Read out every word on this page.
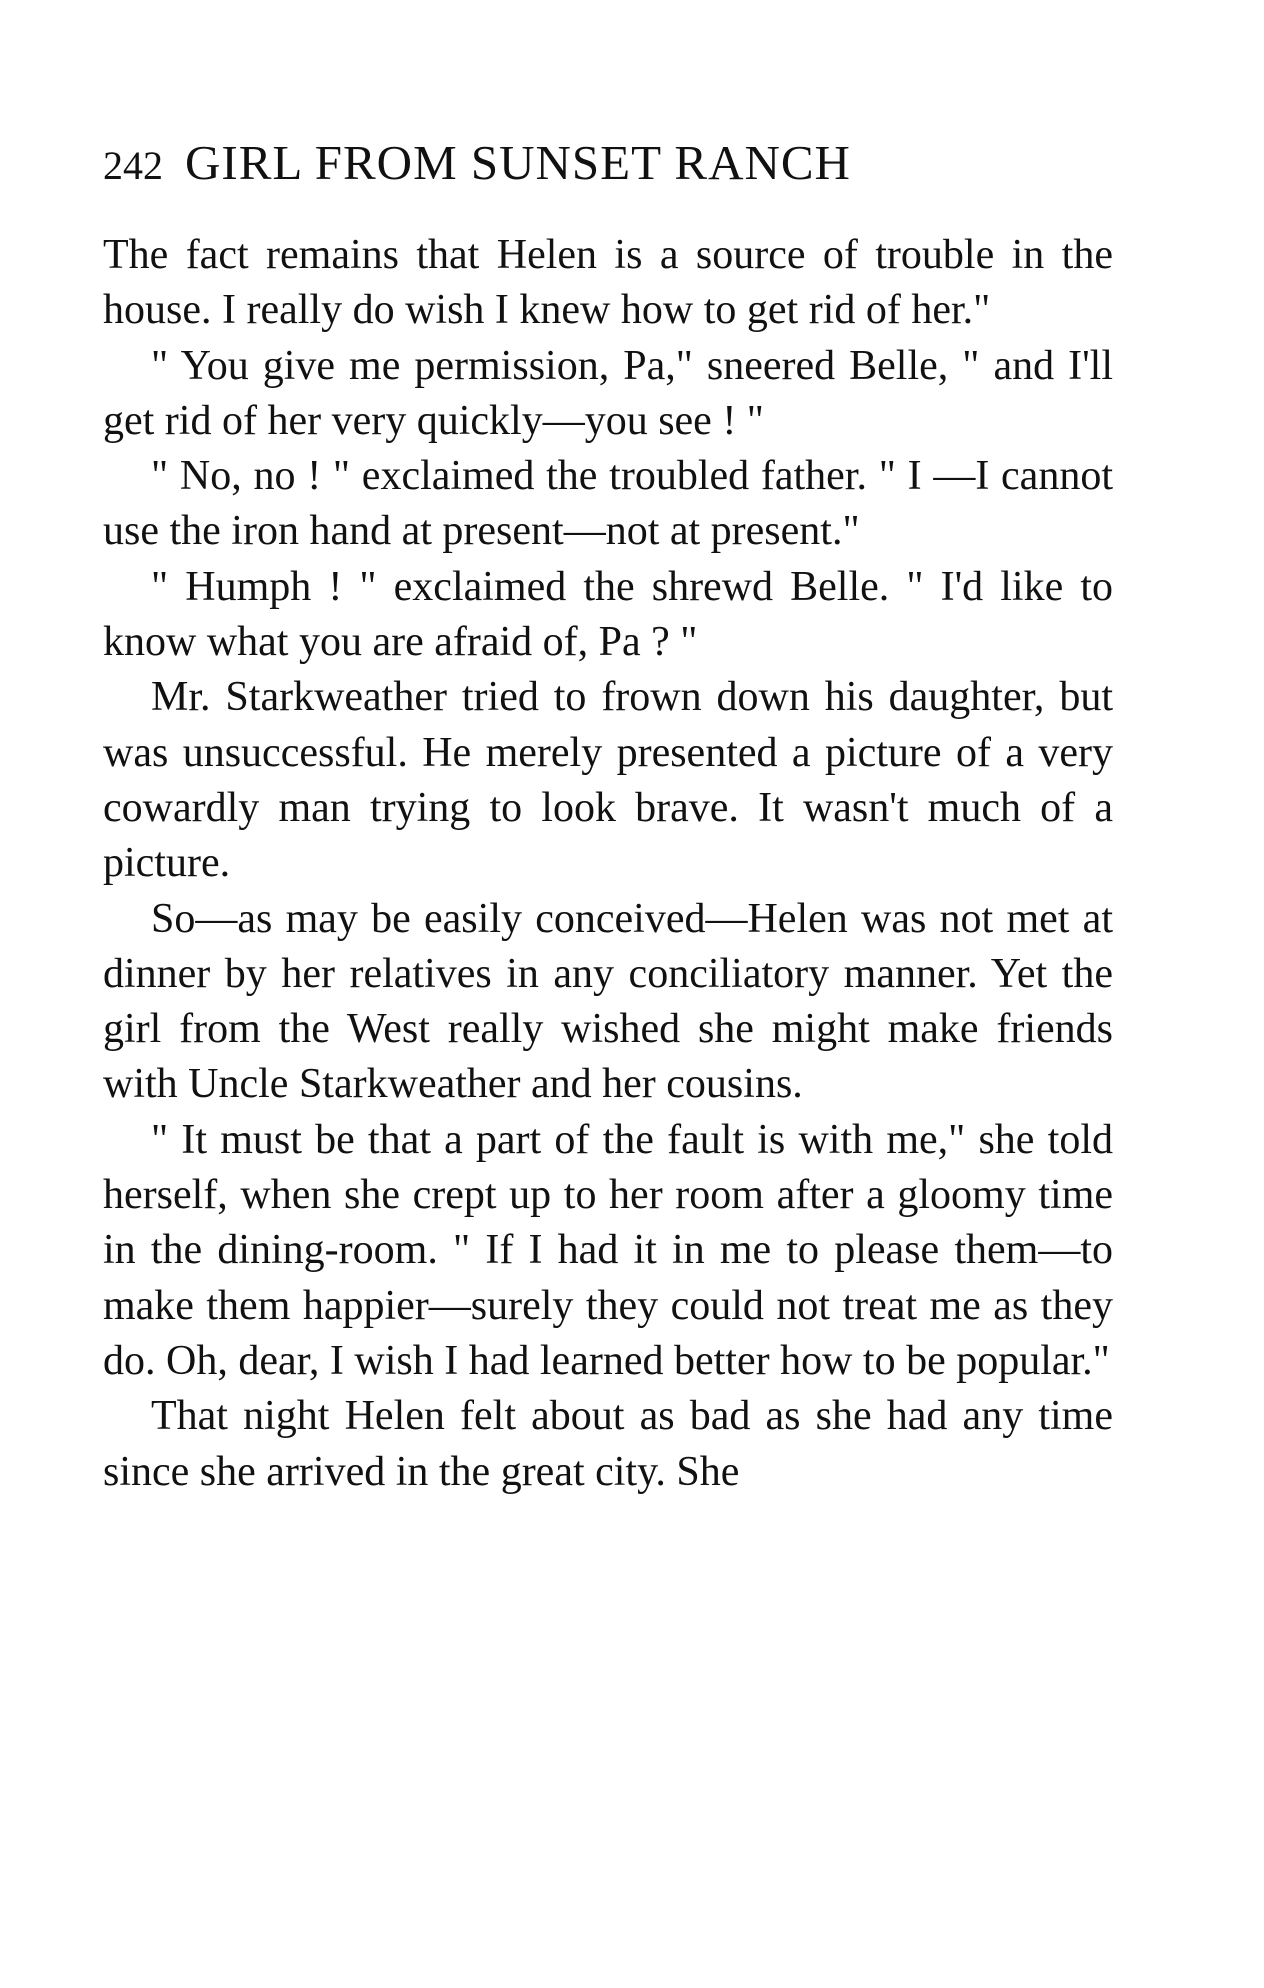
242 GIRL FROM SUNSET RANCH

The fact remains that Helen is a source of trouble in the house. I really do wish I knew how to get rid of her."

" You give me permission, Pa," sneered Belle, " and I'll get rid of her very quickly—you see ! "

" No, no ! " exclaimed the troubled father. " I —I cannot use the iron hand at present—not at present."

" Humph ! " exclaimed the shrewd Belle. " I'd like to know what you are afraid of, Pa ? "

Mr. Starkweather tried to frown down his daughter, but was unsuccessful. He merely presented a picture of a very cowardly man trying to look brave. It wasn't much of a picture.

So—as may be easily conceived—Helen was not met at dinner by her relatives in any conciliatory manner. Yet the girl from the West really wished she might make friends with Uncle Starkweather and her cousins.

" It must be that a part of the fault is with me," she told herself, when she crept up to her room after a gloomy time in the dining-room. " If I had it in me to please them—to make them happier—surely they could not treat me as they do. Oh, dear, I wish I had learned better how to be popular."

That night Helen felt about as bad as she had any time since she arrived in the great city. She
